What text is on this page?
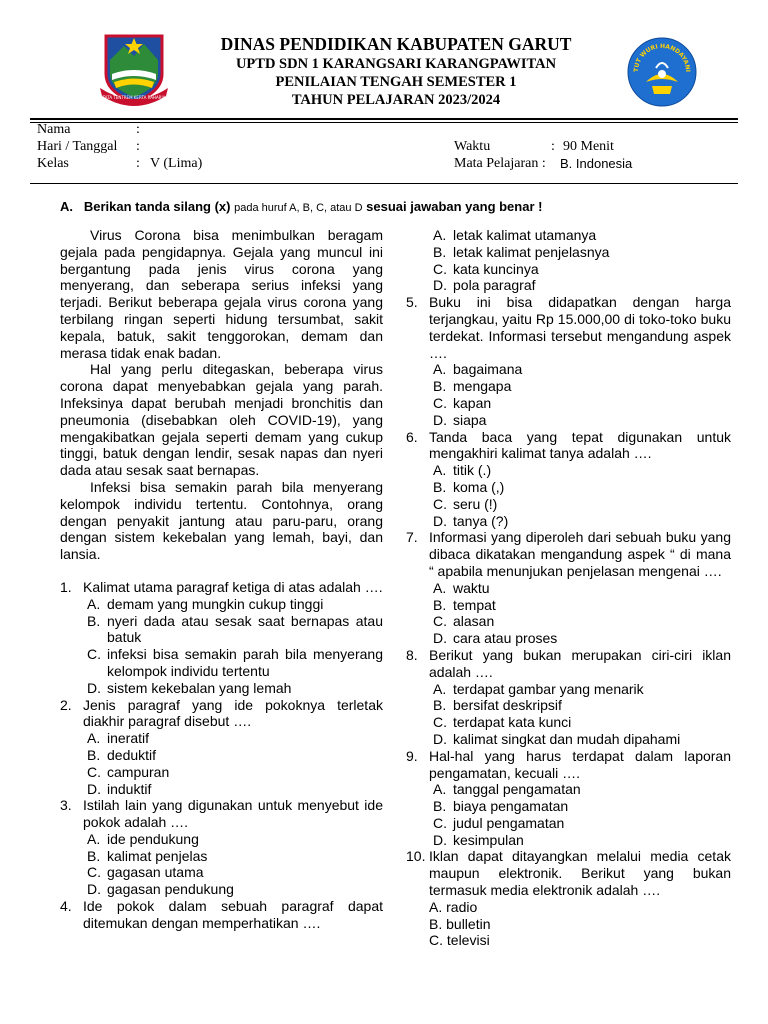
TATA TENTREM KERTA RAHARJA
DINAS PENDIDIKAN KABUPATEN GARUT
UPTD SDN 1 KARANGSARI KARANGPAWITAN
PENILAIAN TENGAH SEMESTER 1
TAHUN PELAJARAN 2023/2024
TUT WURI HANDAYANI
Nama	:
Hari / Tanggal :
Kelas	: V (Lima)
Waktu	: 90 Menit
Mata Pelajaran : B. Indonesia
A. Berikan tanda silang (x) pada huruf A, B, C, atau D sesuai jawaban yang benar !

Virus Corona bisa menimbulkan beragam gejala pada pengidapnya. Gejala yang muncul ini bergantung pada jenis virus corona yang menyerang, dan seberapa serius infeksi yang terjadi. Berikut beberapa gejala virus corona yang terbilang ringan seperti hidung tersumbat, sakit kepala, batuk, sakit tenggorokan, demam dan merasa tidak enak badan.

Hal yang perlu ditegaskan, beberapa virus corona dapat menyebabkan gejala yang parah. Infeksinya dapat berubah menjadi bronchitis dan pneumonia (disebabkan oleh COVID-19), yang mengakibatkan gejala seperti demam yang cukup tinggi, batuk dengan lendir, sesak napas dan nyeri dada atau sesak saat bernapas.

Infeksi bisa semakin parah bila menyerang kelompok individu tertentu. Contohnya, orang dengan penyakit jantung atau paru-paru, orang dengan sistem kekebalan yang lemah, bayi, dan lansia.

1. Kalimat utama paragraf ketiga di atas adalah ….
A. demam yang mungkin cukup tinggi
B. nyeri dada atau sesak saat bernapas atau batuk
C. infeksi bisa semakin parah bila menyerang kelompok individu tertentu
D. sistem kekebalan yang lemah
2. Jenis paragraf yang ide pokoknya terletak diakhir paragraf disebut ….
A. ineratif
B. deduktif
C. campuran
D. induktif
3. Istilah lain yang digunakan untuk menyebut ide pokok adalah ….
A. ide pendukung
B. kalimat penjelas
C. gagasan utama
D. gagasan pendukung
4. Ide pokok dalam sebuah paragraf dapat ditemukan dengan memperhatikan ….
A. letak kalimat utamanya
B. letak kalimat penjelasnya
C. kata kuncinya
D. pola paragraf
5. Buku ini bisa didapatkan dengan harga terjangkau, yaitu Rp 15.000,00 di toko-toko buku terdekat. Informasi tersebut mengandung aspek ….
A. bagaimana
B. mengapa
C. kapan
D. siapa
6. Tanda baca yang tepat digunakan untuk mengakhiri kalimat tanya adalah ….
A. titik (.)
B. koma (,)
C. seru (!)
D. tanya (?)
7. Informasi yang diperoleh dari sebuah buku yang dibaca dikatakan mengandung aspek “ di mana “ apabila menunjukan penjelasan mengenai ….
A. waktu
B. tempat
C. alasan
D. cara atau proses
8. Berikut yang bukan merupakan ciri-ciri iklan adalah ….
A. terdapat gambar yang menarik
B. bersifat deskripsif
C. terdapat kata kunci
D. kalimat singkat dan mudah dipahami
9. Hal-hal yang harus terdapat dalam laporan pengamatan, kecuali ….
A. tanggal pengamatan
B. biaya pengamatan
C. judul pengamatan
D. kesimpulan
10. Iklan dapat ditayangkan melalui media cetak maupun elektronik. Berikut yang bukan termasuk media elektronik adalah ….
A. radio
B. bulletin
C. televisi
